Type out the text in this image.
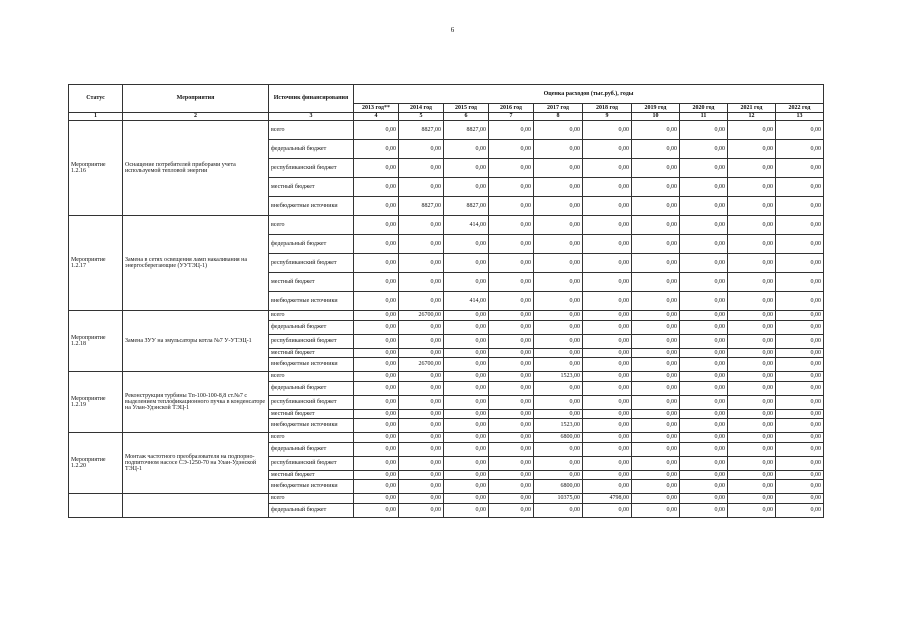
6
Статус	Мероприятия	Источник финансирования	Оценка расходов (тыс.руб.), годы									
			2013 год**	2014 год	2015 год	2016 год	2017 год	2018 год	2019 год	2020 год	2021 год	2022 год
1	2	3	4	5	6	7	8	9	10	11	12	13
Мероприятие 1.2.16	Оснащение потребителей приборами учета используемой тепловой энергии	всего	0,00	8827,00	8827,00	0,00	0,00	0,00	0,00	0,00	0,00	0,00
		федеральный бюджет	0,00	0,00	0,00	0,00	0,00	0,00	0,00	0,00	0,00	0,00
		республиканский бюджет	0,00	0,00	0,00	0,00	0,00	0,00	0,00	0,00	0,00	0,00
		местный бюджет	0,00	0,00	0,00	0,00	0,00	0,00	0,00	0,00	0,00	0,00
		внебюджетные источники	0,00	8827,00	8827,00	0,00	0,00	0,00	0,00	0,00	0,00	0,00
Мероприятие 1.2.17	Замена в сетях освещения ламп накаливания на энергосберегающие (УУТЭЦ-1)	всего	0,00	0,00	414,00	0,00	0,00	0,00	0,00	0,00	0,00	0,00
		федеральный бюджет	0,00	0,00	0,00	0,00	0,00	0,00	0,00	0,00	0,00	0,00
		республиканский бюджет	0,00	0,00	0,00	0,00	0,00	0,00	0,00	0,00	0,00	0,00
		местный бюджет	0,00	0,00	0,00	0,00	0,00	0,00	0,00	0,00	0,00	0,00
		внебюджетные источники	0,00	0,00	414,00	0,00	0,00	0,00	0,00	0,00	0,00	0,00
Мероприятие 1.2.18	Замена ЗУУ на эмульсаторы котла №7 У-УТЭЦ-1	всего	0,00	26700,00	0,00	0,00	0,00	0,00	0,00	0,00	0,00	0,00
		федеральный бюджет	0,00	0,00	0,00	0,00	0,00	0,00	0,00	0,00	0,00	0,00
		республиканский бюджет	0,00	0,00	0,00	0,00	0,00	0,00	0,00	0,00	0,00	0,00
		местный бюджет	0,00	0,00	0,00	0,00	0,00	0,00	0,00	0,00	0,00	0,00
		внебюджетные источники	0,00	26700,00	0,00	0,00	0,00	0,00	0,00	0,00	0,00	0,00
Мероприятие 1.2.19	Реконструкция турбины Тп-100-100-8,8 ст.№7 с выделением теплофикационного пучка в конденсаторе на Улан-Удэнской ТЭЦ-1	всего	0,00	0,00	0,00	0,00	1523,00	0,00	0,00	0,00	0,00	0,00
		федеральный бюджет	0,00	0,00	0,00	0,00	0,00	0,00	0,00	0,00	0,00	0,00
		республиканский бюджет	0,00	0,00	0,00	0,00	0,00	0,00	0,00	0,00	0,00	0,00
		местный бюджет	0,00	0,00	0,00	0,00	0,00	0,00	0,00	0,00	0,00	0,00
		внебюджетные источники	0,00	0,00	0,00	0,00	1523,00	0,00	0,00	0,00	0,00	0,00
Мероприятие 1.2.20	Монтаж частотного преобразователя на подпорно-подпиточном насосе СЭ-1250-70 на Улан-Удэнской ТЭЦ-1	всего	0,00	0,00	0,00	0,00	6800,00	0,00	0,00	0,00	0,00	0,00
		федеральный бюджет	0,00	0,00	0,00	0,00	0,00	0,00	0,00	0,00	0,00	0,00
		республиканский бюджет	0,00	0,00	0,00	0,00	0,00	0,00	0,00	0,00	0,00	0,00
		местный бюджет	0,00	0,00	0,00	0,00	0,00	0,00	0,00	0,00	0,00	0,00
		внебюджетные источники	0,00	0,00	0,00	0,00	6800,00	0,00	0,00	0,00	0,00	0,00
		всего	0,00	0,00	0,00	0,00	10375,00	4798,00	0,00	0,00	0,00	0,00
		федеральный бюджет	0,00	0,00	0,00	0,00	0,00	0,00	0,00	0,00	0,00	0,00
